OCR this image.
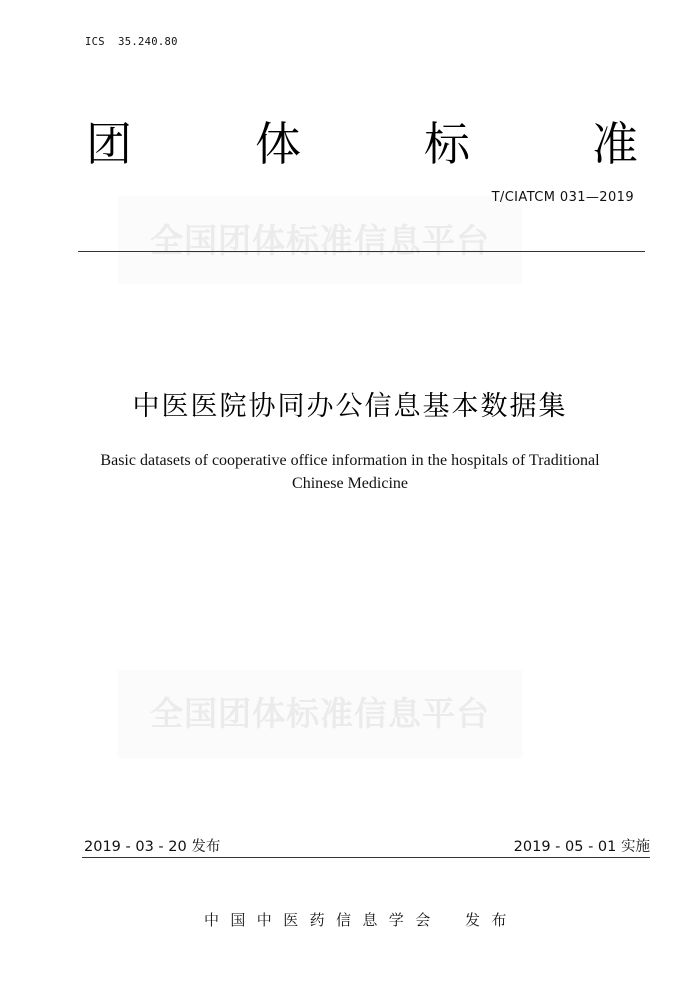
ICS  35.240.80
全国团体标准信息平台
团	体	标	准
T/CIATCM 031—2019
中医医院协同办公信息基本数据集
Basic datasets of cooperative office information in the hospitals of Traditional
Chinese Medicine
全国团体标准信息平台
2019 - 03 - 20 发布	2019 - 05 - 01 实施
中国中医药信息学会 发布
